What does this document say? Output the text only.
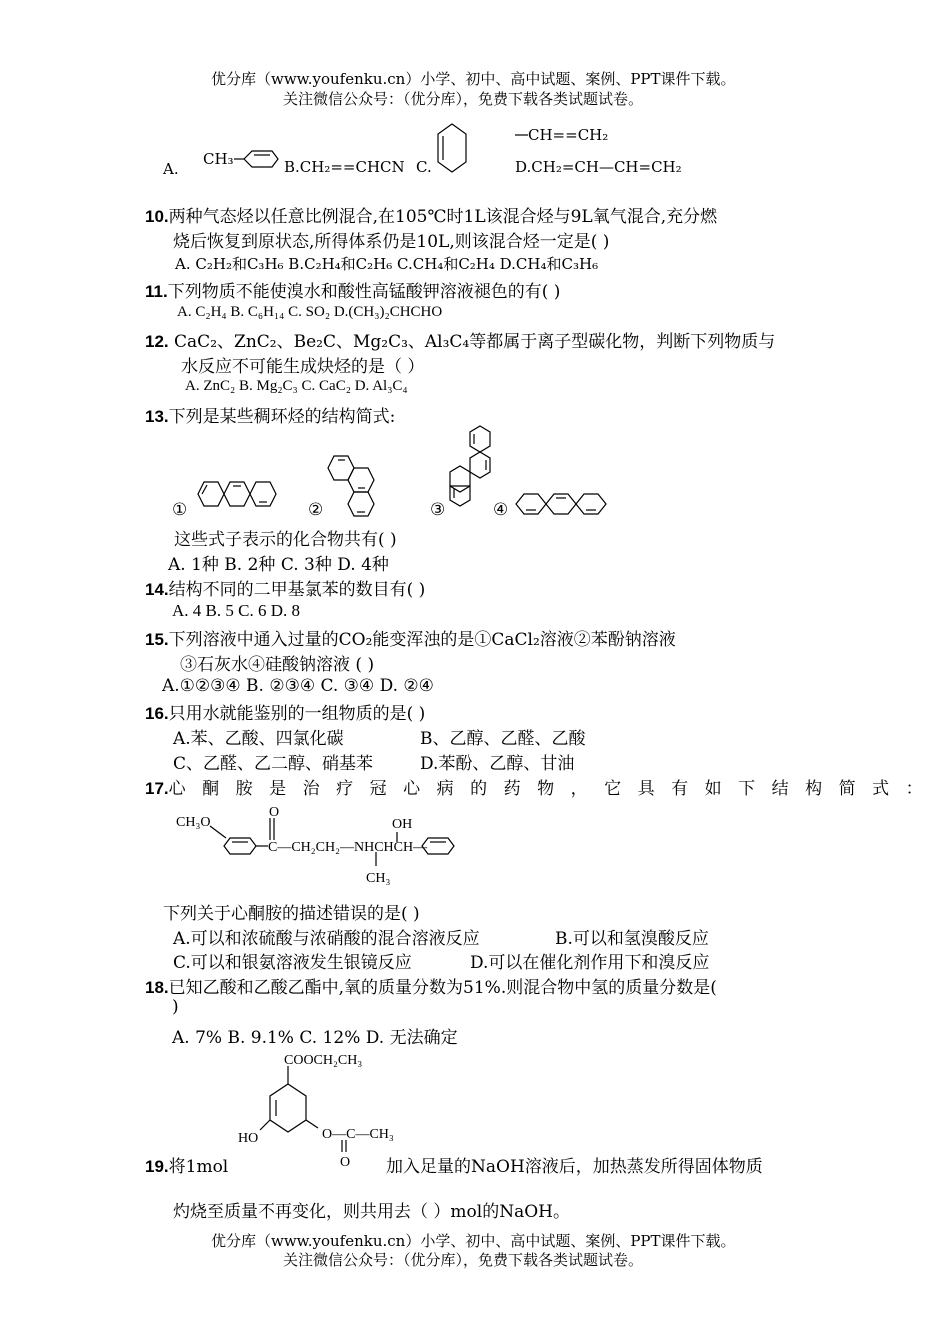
优分库（www.youfenku.cn）小学、初中、高中试题、案例、PPT课件下载。
关注微信公众号：（优分库），免费下载各类试题试卷。
A.
CH₃	B.CH₂==CHCN C.
CH==CH₂
D.CH₂=CH—CH=CH₂
10.两种气态烃以任意比例混合,在105℃时1L该混合烃与9L氧气混合,充分燃
烧后恢复到原状态,所得体系仍是10L,则该混合烃一定是( )
A. C₂H₂和C₃H₆ B.C₂H₄和C₂H₆ C.CH₄和C₂H₄ D.CH₄和C₃H₆
11.下列物质不能使溴水和酸性高锰酸钾溶液褪色的有( )
A. C₂H₄ B. C₆H₁₄ C. SO₂ D.(CH₃)₂CHCHO
12. CaC₂、ZnC₂、Be₂C、Mg₂C₃、Al₃C₄等都属于离子型碳化物，判断下列物质与
水反应不可能生成炔烃的是（ ）
A. ZnC₂ B. Mg₂C₃ C. CaC₂ D. Al₃C₄
13.下列是某些稠环烃的结构简式:
①	②	③	④
这些式子表示的化合物共有( )
A. 1种 B. 2种 C. 3种 D. 4种
14.结构不同的二甲基氯苯的数目有( )
A. 4 B. 5 C. 6 D. 8
15.下列溶液中通入过量的CO₂能变浑浊的是①CaCl₂溶液②苯酚钠溶液
③石灰水④硅酸钠溶液 ( )
A.①②③④ B. ②③④ C. ③④ D. ②④
16.只用水就能鉴别的一组物质的是( )
A.苯、乙酸、四氯化碳	B、乙醇、乙醛、乙酸
C、乙醛、乙二醇、硝基苯	D.苯酚、乙醇、甘油
17.心酮胺是治疗冠心病的药物，它具有如下结构简式：
CH₃O	OH
O
C—CH₂CH₂—NHCHCH—
CH₃
下列关于心酮胺的描述错误的是( )
A.可以和浓硫酸与浓硝酸的混合溶液反应	B.可以和氢溴酸反应
C.可以和银氨溶液发生银镜反应	D.可以在催化剂作用下和溴反应
18.已知乙酸和乙酸乙酯中,氧的质量分数为51%.则混合物中氢的质量分数是(
)
A. 7% B. 9.1% C. 12% D. 无法确定
COOCH₂CH₃
HO	O—C—CH₃
O
19.将1mol	加入足量的NaOH溶液后，加热蒸发所得固体物质
灼烧至质量不再变化，则共用去（ ）mol的NaOH。
优分库（www.youfenku.cn）小学、初中、高中试题、案例、PPT课件下载。
关注微信公众号：（优分库），免费下载各类试题试卷。
